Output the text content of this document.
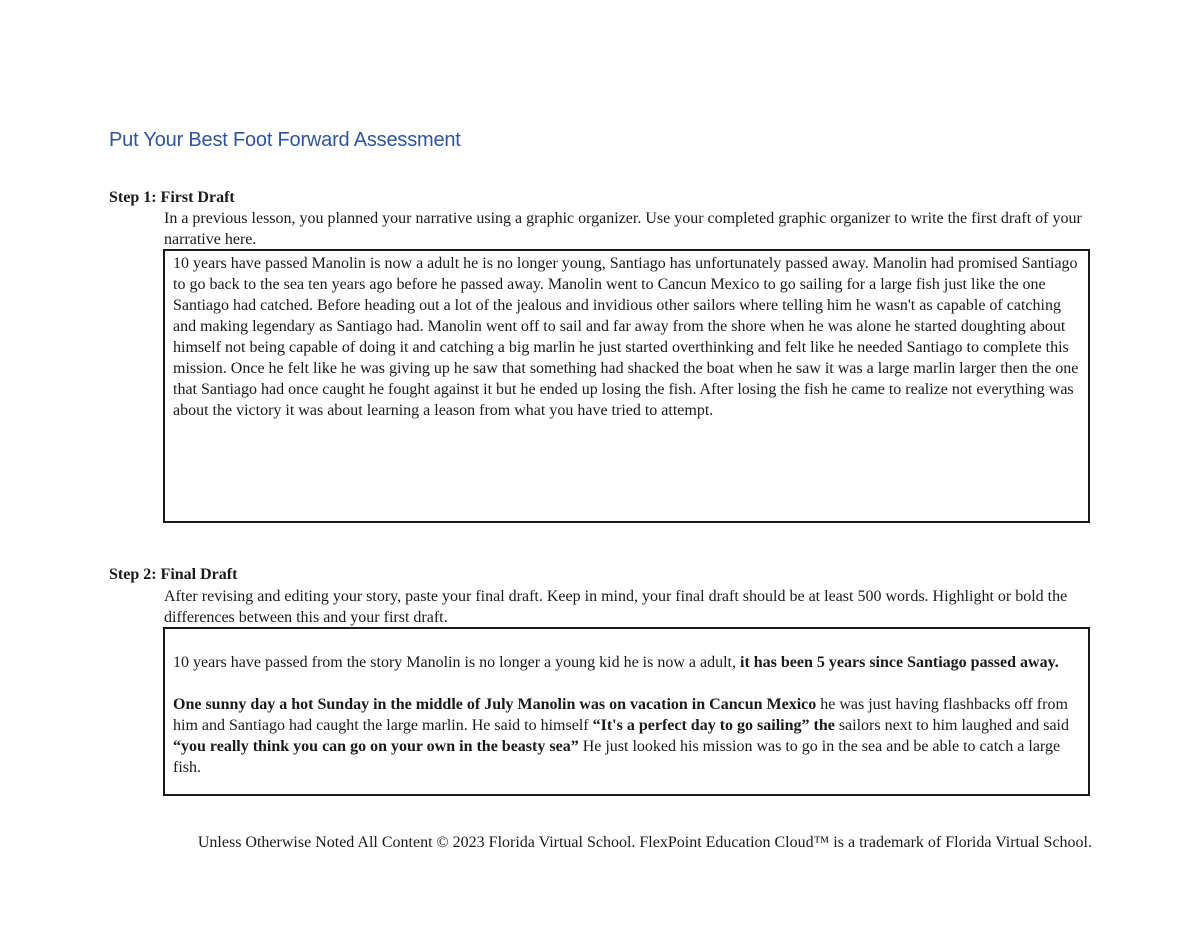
Put Your Best Foot Forward Assessment
Step 1: First Draft
In a previous lesson, you planned your narrative using a graphic organizer. Use your completed graphic organizer to write the first draft of your narrative here.

10 years have passed Manolin is now a adult he is no longer young, Santiago has unfortunately passed away. Manolin had promised Santiago to go back to the sea ten years ago before he passed away. Manolin went to Cancun Mexico to go sailing for a large fish just like the one Santiago had catched. Before heading out a lot of the jealous and invidious other sailors where telling him he wasn't as capable of catching and making legendary as Santiago had. Manolin went off to sail and far away from the shore when he was alone he started doughting about himself not being capable of doing it and catching a big marlin he just started overthinking and felt like he needed Santiago to complete this mission. Once he felt like he was giving up he saw that something had shacked the boat when he saw it was a large marlin larger then the one that Santiago had once caught he fought against it but he ended up losing the fish. After losing the fish he came to realize not everything was about the victory it was about learning a leason from what you have tried to attempt.

Step 2: Final Draft
After revising and editing your story, paste your final draft. Keep in mind, your final draft should be at least 500 words. Highlight or bold the differences between this and your first draft.

10 years have passed from the story Manolin is no longer a young kid he is now a adult, it has been 5 years since Santiago passed away.

One sunny day a hot Sunday in the middle of July Manolin was on vacation in Cancun Mexico he was just having flashbacks off from him and Santiago had caught the large marlin. He said to himself “It's a perfect day to go sailing” the sailors next to him laughed and said “you really think you can go on your own in the beasty sea” He just looked his mission was to go in the sea and be able to catch a large fish.

Unless Otherwise Noted All Content © 2023 Florida Virtual School. FlexPoint Education Cloud™ is a trademark of Florida Virtual School.
